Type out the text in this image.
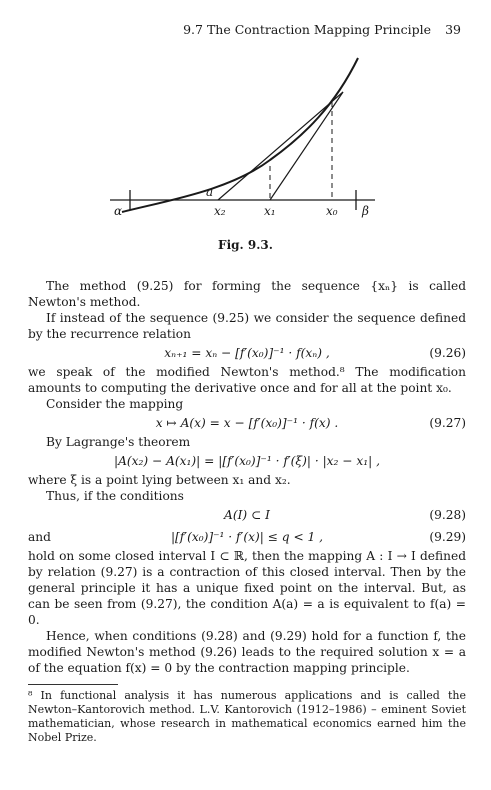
9.7 The Contraction Mapping Principle 39
α
a
x₂	x₁	x₀ β
Fig. 9.3.

The method (9.25) for forming the sequence {xₙ} is called Newton's method.

If instead of the sequence (9.25) we consider the sequence defined by the recurrence relation

xₙ₊₁ = xₙ − [f′(x₀)]⁻¹ · f(xₙ) ,	(9.26)

we speak of the modified Newton's method.⁸ The modification amounts to computing the derivative once and for all at the point x₀.

Consider the mapping

x ↦ A(x) = x − [f′(x₀)]⁻¹ · f(x) .	(9.27)

By Lagrange's theorem

|A(x₂) − A(x₁)| = |[f′(x₀)]⁻¹ · f′(ξ)| · |x₂ − x₁| ,

where ξ is a point lying between x₁ and x₂.

Thus, if the conditions

A(I) ⊂ I	(9.28)
and	|[f′(x₀)]⁻¹ · f′(x)| ≤ q < 1 ,	(9.29)

hold on some closed interval I ⊂ ℝ, then the mapping A : I → I defined by relation (9.27) is a contraction of this closed interval. Then by the general principle it has a unique fixed point on the interval. But, as can be seen from (9.27), the condition A(a) = a is equivalent to f(a) = 0.

Hence, when conditions (9.28) and (9.29) hold for a function f, the modified Newton's method (9.26) leads to the required solution x = a of the equation f(x) = 0 by the contraction mapping principle.

⁸ In functional analysis it has numerous applications and is called the Newton–Kantorovich method. L.V. Kantorovich (1912–1986) – eminent Soviet mathematician, whose research in mathematical economics earned him the Nobel Prize.
